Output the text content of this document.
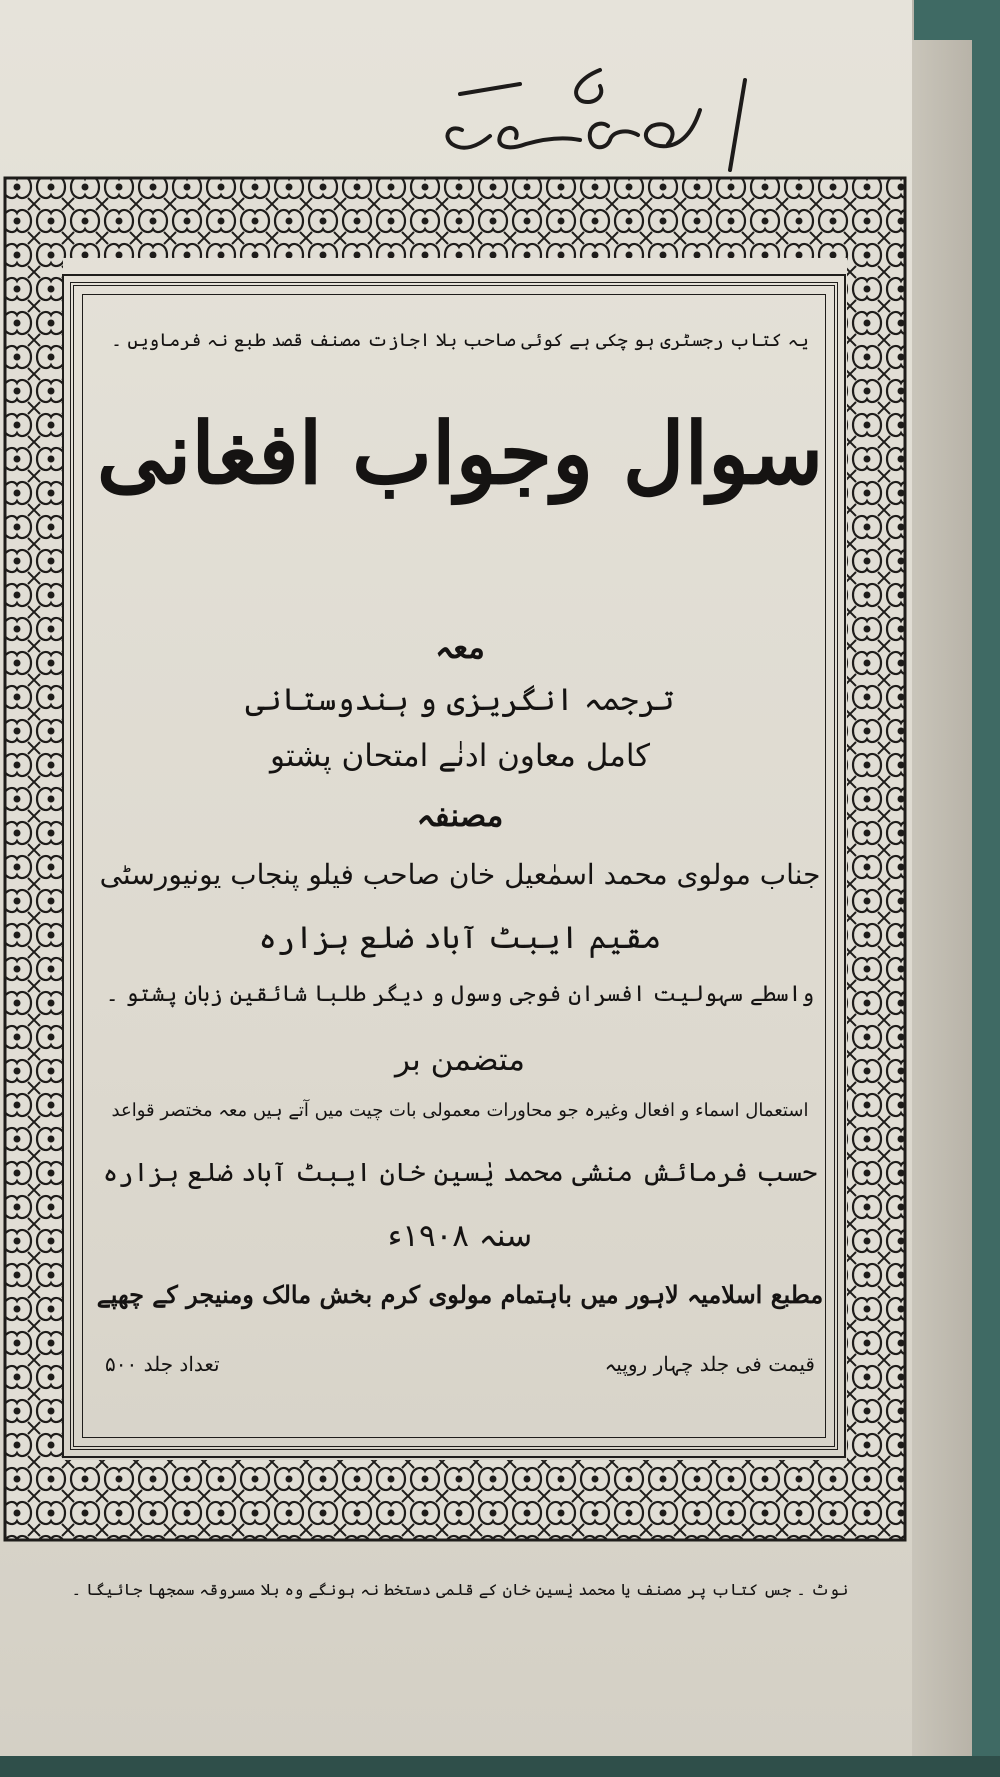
یہ کتاب رجسٹری ہو چکی ہے کوئی صاحب بلا اجازت مصنف قصد طبع نہ فرماویں ۔
سوال وجواب افغانی
معہ
ترجمہ انگریزی و ہندوستانی
کامل معاون ادنٰے امتحان پشتو
مصنفہ
جناب مولوی محمد اسمٰعیل خان صاحب فیلو پنجاب یونیورسٹی
مقیم ایبٹ آباد ضلع ہزارہ
واسطے سہولیت افسران فوجی وسول و دیگر طلبا شائقین زبانِ پشتو ۔
متضمن بر
استعمال اسماء و افعال وغیرہ جو محاورات معمولی بات چیت میں آتے ہیں معہ مختصر قواعد
حسب فرمائش منشی محمد یٰسین خان ایبٹ آباد ضلع ہزارہ
سنہ ۱۹۰۸ء
مطبع اسلامیہ لاہور میں باہتمام مولوی کرم بخش مالک ومنیجر کے چھپے
قیمت فی جلد چہار روپیہ
تعداد جلد ۵۰۰
نوٹ ۔ جس کتاب پر مصنف یا محمد یٰسین خان کے قلمی دستخط نہ ہونگے وہ بلا مسروقہ سمجھا جائیگا ۔
